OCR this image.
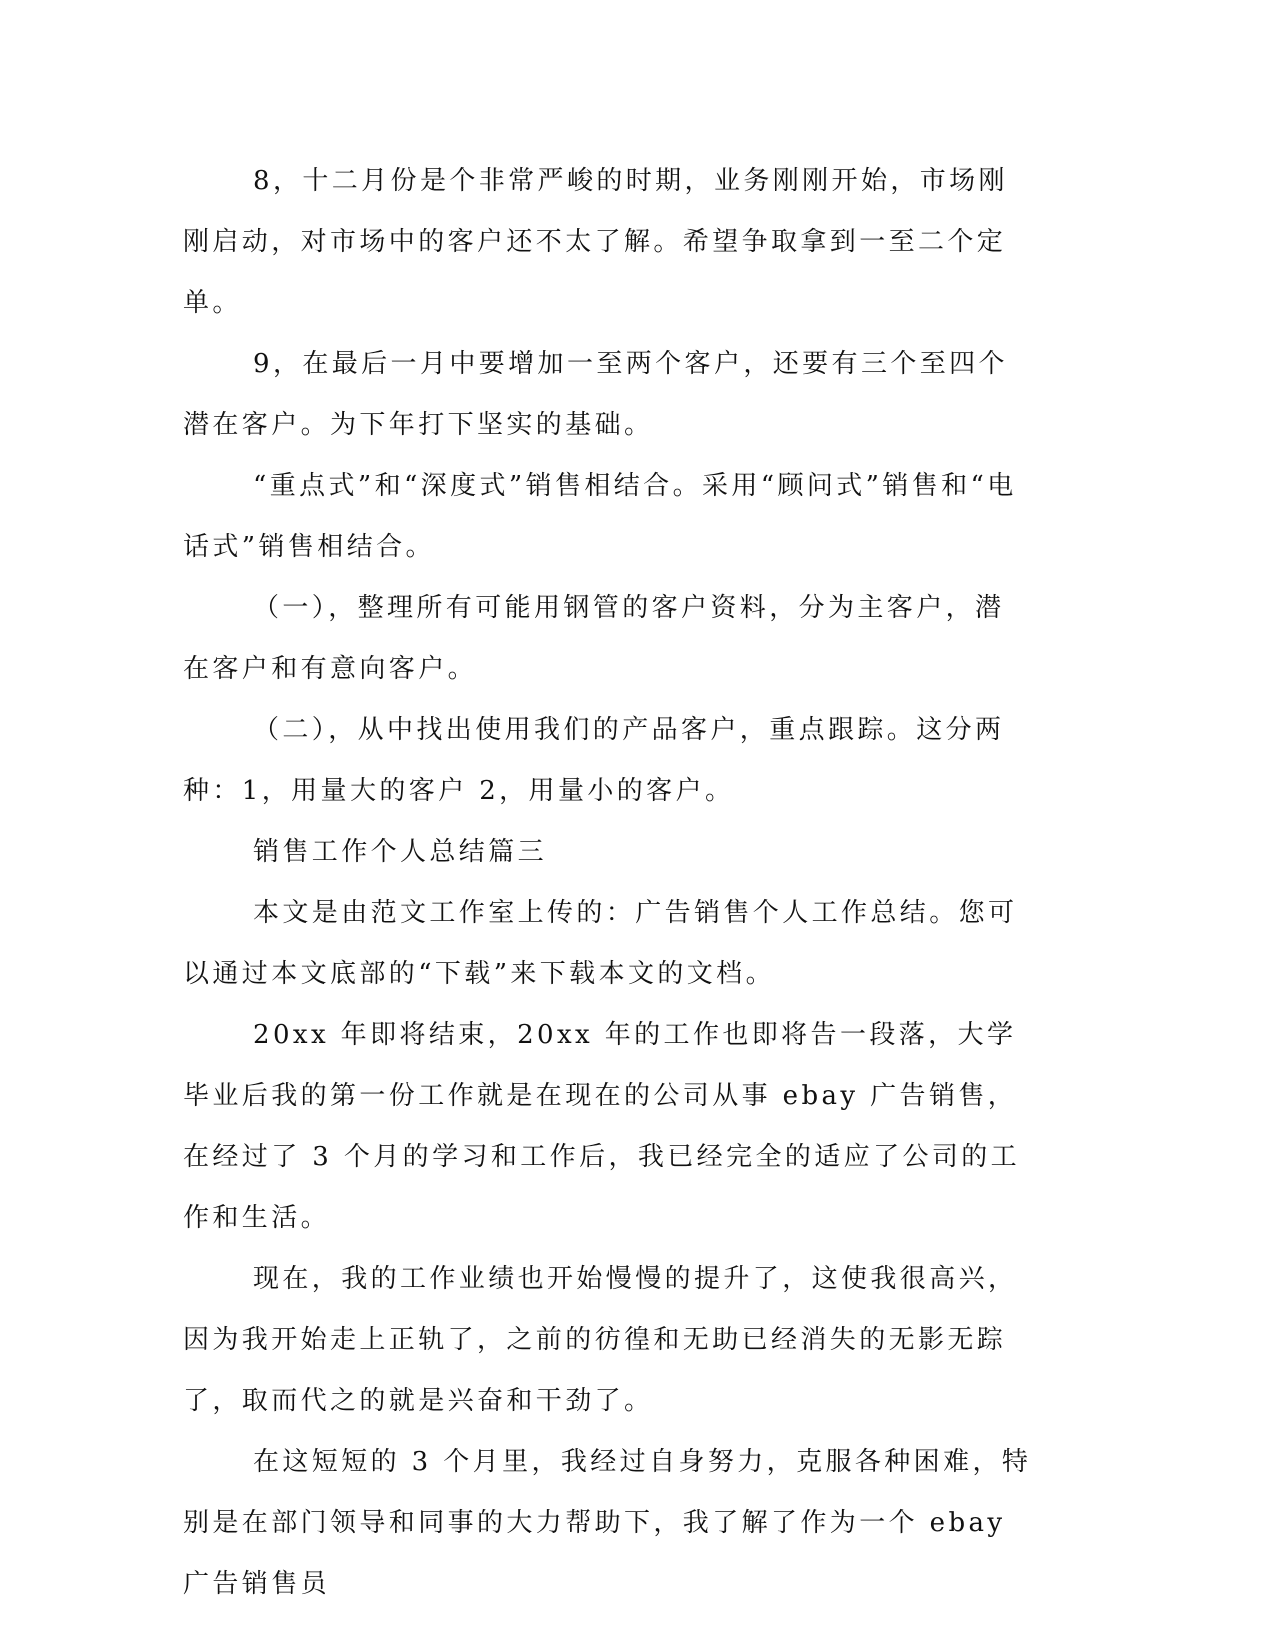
8，十二月份是个非常严峻的时期，业务刚刚开始，市场刚刚启动，对市场中的客户还不太了解。希望争取拿到一至二个定单。

9，在最后一月中要增加一至两个客户，还要有三个至四个潜在客户。为下年打下坚实的基础。

“重点式”和“深度式”销售相结合。采用“顾问式”销售和“电话式”销售相结合。

（一），整理所有可能用钢管的客户资料，分为主客户，潜在客户和有意向客户。

（二），从中找出使用我们的产品客户，重点跟踪。这分两种：1，用量大的客户 2，用量小的客户。

销售工作个人总结篇三

本文是由范文工作室上传的：广告销售个人工作总结。您可以通过本文底部的“下载”来下载本文的文档。

20xx 年即将结束，20xx 年的工作也即将告一段落，大学毕业后我的第一份工作就是在现在的公司从事 ebay 广告销售，在经过了 3 个月的学习和工作后，我已经完全的适应了公司的工作和生活。

现在，我的工作业绩也开始慢慢的提升了，这使我很高兴，因为我开始走上正轨了，之前的彷徨和无助已经消失的无影无踪了，取而代之的就是兴奋和干劲了。

在这短短的 3 个月里，我经过自身努力，克服各种困难，特别是在部门领导和同事的大力帮助下，我了解了作为一个 ebay 广告销售员
